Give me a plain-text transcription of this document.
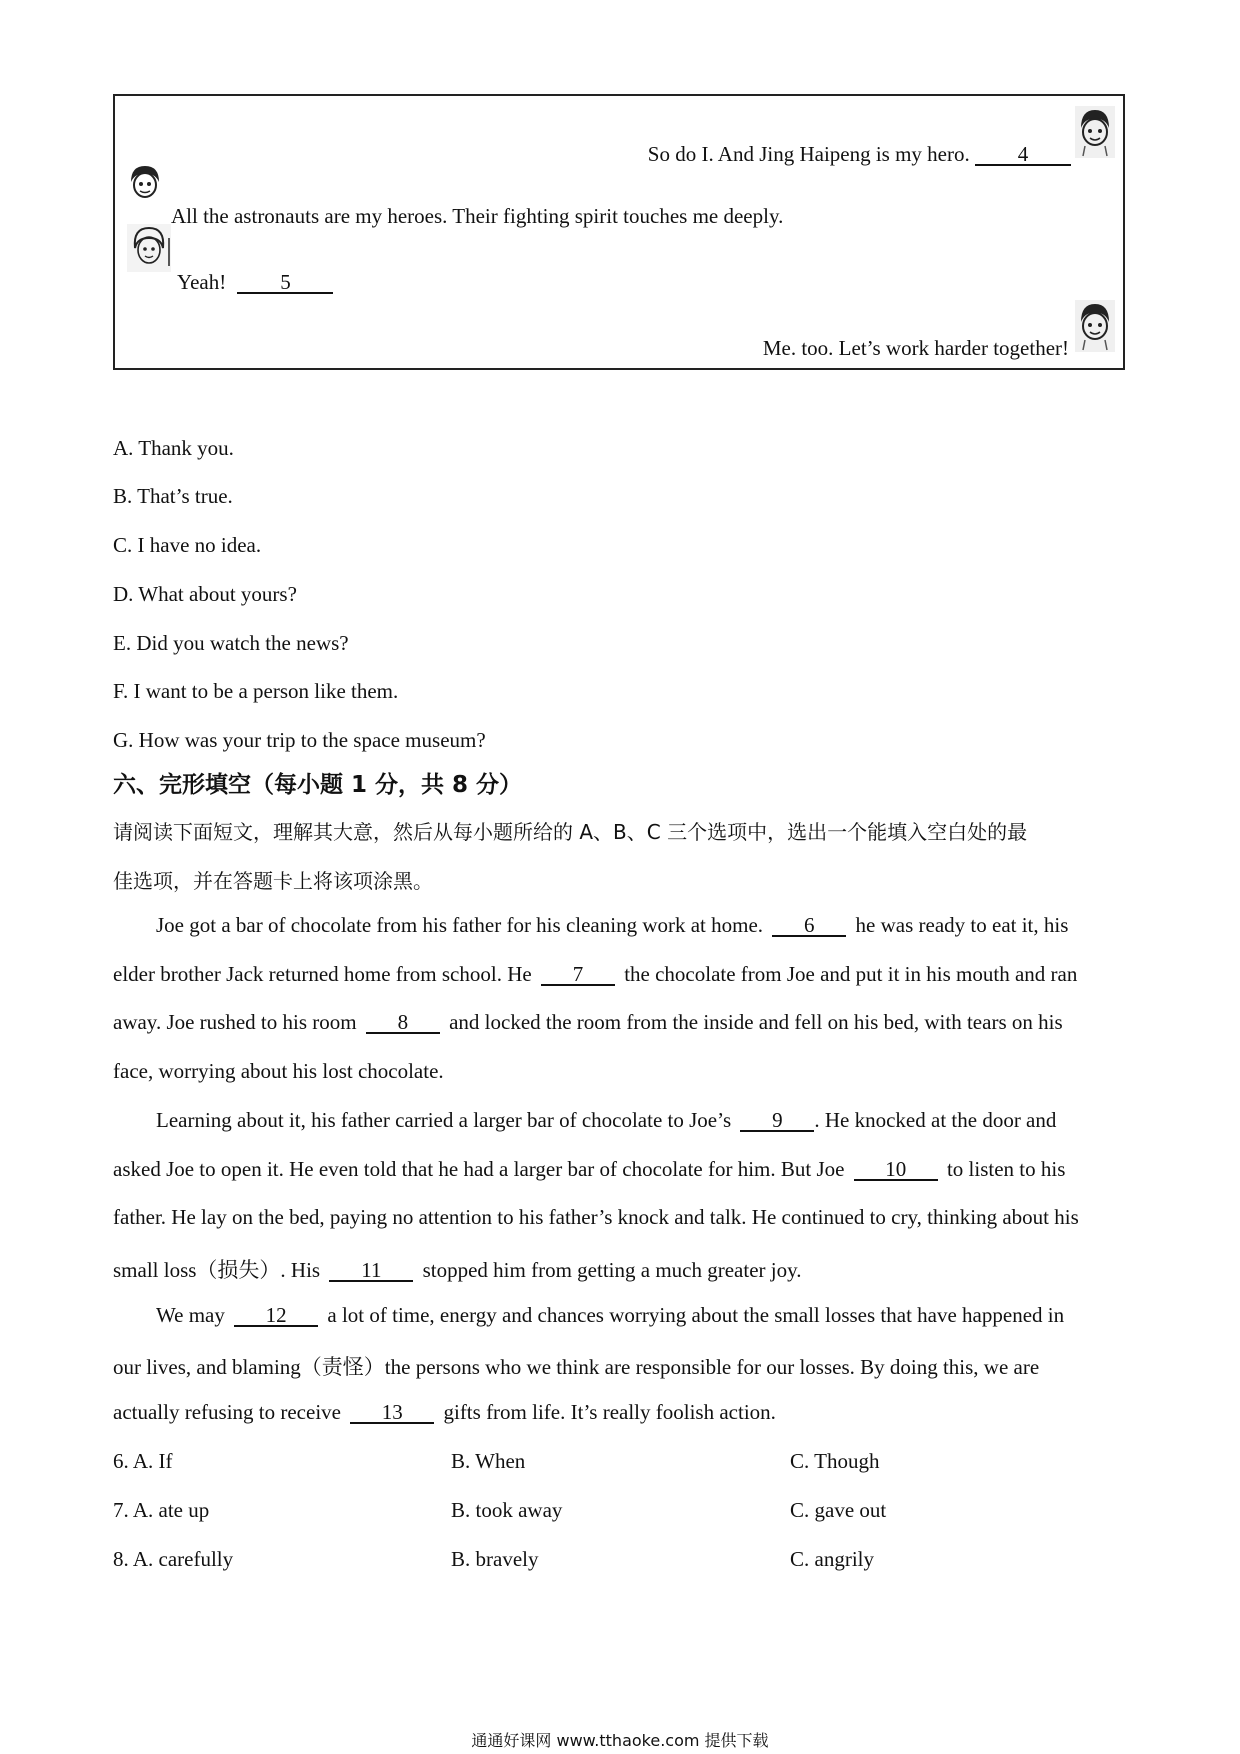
So do I. And Jing Haipeng is my hero. 4
All the astronauts are my heroes. Their fighting spirit touches me deeply.
Yeah!	5
Me. too. Let’s work harder together!
A. Thank you.
B. That’s true.
C. I have no idea.
D. What about yours?
E. Did you watch the news?
F. I want to be a person like them.
G. How was your trip to the space museum?
六、完形填空（每小题 1 分，共 8 分）
请阅读下面短文，理解其大意，然后从每小题所给的 A、B、C 三个选项中，选出一个能填入空白处的最
佳选项，并在答题卡上将该项涂黑。
Joe got a bar of chocolate from his father for his cleaning work at home. 6 he was ready to eat it, his
elder brother Jack returned home from school. He 7 the chocolate from Joe and put it in his mouth and ran
away. Joe rushed to his room 8 and locked the room from the inside and fell on his bed, with tears on his
face, worrying about his lost chocolate.
Learning about it, his father carried a larger bar of chocolate to Joe’s 9 . He knocked at the door and
asked Joe to open it. He even told that he had a larger bar of chocolate for him. But Joe 10 to listen to his
father. He lay on the bed, paying no attention to his father’s knock and talk. He continued to cry, thinking about his
small loss（损失）. His 11 stopped him from getting a much greater joy.
We may 12 a lot of time, energy and chances worrying about the small losses that have happened in
our lives, and blaming（责怪）the persons who we think are responsible for our losses. By doing this, we are
actually refusing to receive 13 gifts from life. It’s really foolish action.
6. A. If	B. When	C. Though
7. A. ate up	B. took away	C. gave out
8. A. carefully	B. bravely	C. angrily
通通好课网 www.tthaoke.com 提供下载
